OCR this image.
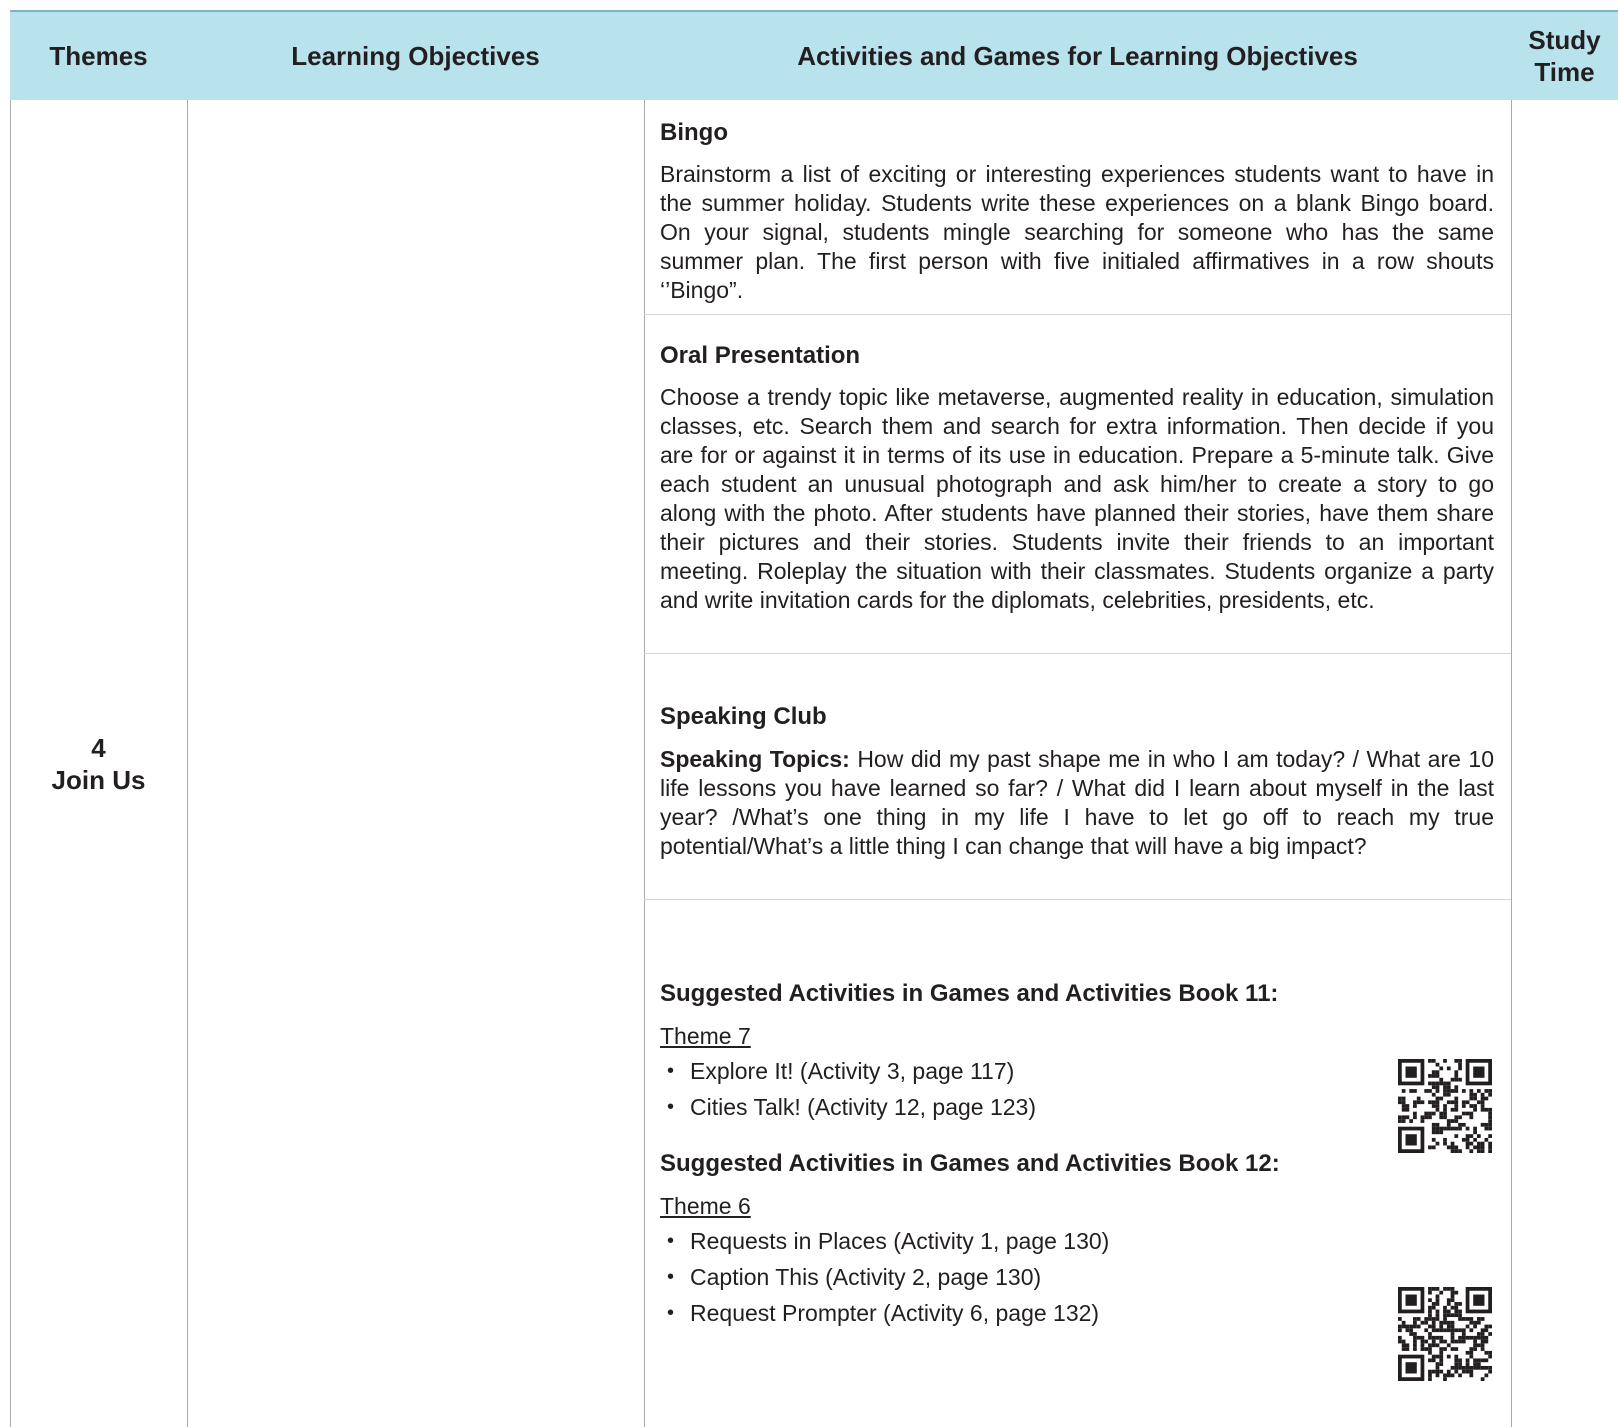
Themes	Learning Objectives	Activities and Games for Learning Objectives
Study
Time
4
Join Us
Bingo

Brainstorm a list of exciting or interesting experiences students want to have in the summer holiday. Students write these experiences on a blank Bingo board. On your signal, students mingle searching for someone who has the same summer plan. The first person with five initialed affirmatives in a row shouts ‘’Bingo”.

Oral Presentation

Choose a trendy topic like metaverse, augmented reality in education, simulation classes, etc. Search them and search for extra information. Then decide if you are for or against it in terms of its use in education. Prepare a 5-minute talk. Give each student an unusual photograph and ask him/her to create a story to go along with the photo. After students have planned their stories, have them share their pictures and their stories. Students invite their friends to an important meeting. Roleplay the situation with their classmates. Students organize a party and write invitation cards for the diplomats, celebrities, presidents, etc.

Speaking Club

Speaking Topics: How did my past shape me in who I am today? / What are 10 life lessons you have learned so far? / What did I learn about myself in the last year? /What’s one thing in my life I have to let go off to reach my true potential/What’s a little thing I can change that will have a big impact?

Suggested Activities in Games and Activities Book 11:

Theme 7

• Explore It! (Activity 3, page 117)
• Cities Talk! (Activity 12, page 123)
Suggested Activities in Games and Activities Book 12:

Theme 6

• Requests in Places (Activity 1, page 130)
• Caption This (Activity 2, page 130)
• Request Prompter (Activity 6, page 132)
